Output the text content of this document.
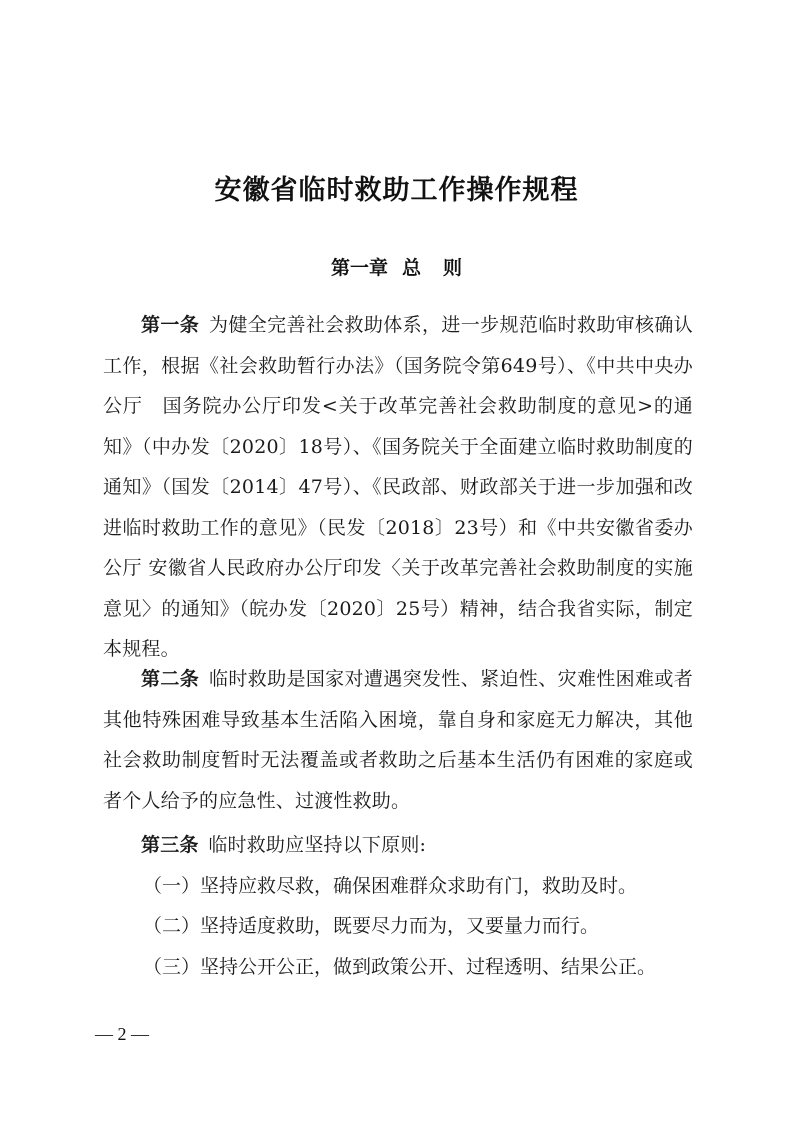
安徽省临时救助工作操作规程
第一章 总 则

第一条  为健全完善社会救助体系，进一步规范临时救助审核确认工作，根据《社会救助暂行办法》（国务院令第649号）、《中共中央办公厅　国务院办公厅印发<关于改革完善社会救助制度的意见>的通知》（中办发〔2020〕18号）、《国务院关于全面建立临时救助制度的通知》（国发〔2014〕47号）、《民政部、财政部关于进一步加强和改进临时救助工作的意见》（民发〔2018〕23号）和《中共安徽省委办公厅 安徽省人民政府办公厅印发〈关于改革完善社会救助制度的实施意见〉的通知》（皖办发〔2020〕25号）精神，结合我省实际，制定本规程。

第二条  临时救助是国家对遭遇突发性、紧迫性、灾难性困难或者其他特殊困难导致基本生活陷入困境，靠自身和家庭无力解决，其他社会救助制度暂时无法覆盖或者救助之后基本生活仍有困难的家庭或者个人给予的应急性、过渡性救助。

第三条  临时救助应坚持以下原则:

（一）坚持应救尽救，确保困难群众求助有门，救助及时。

（二）坚持适度救助，既要尽力而为，又要量力而行。

（三）坚持公开公正，做到政策公开、过程透明、结果公正。

— 2 —
